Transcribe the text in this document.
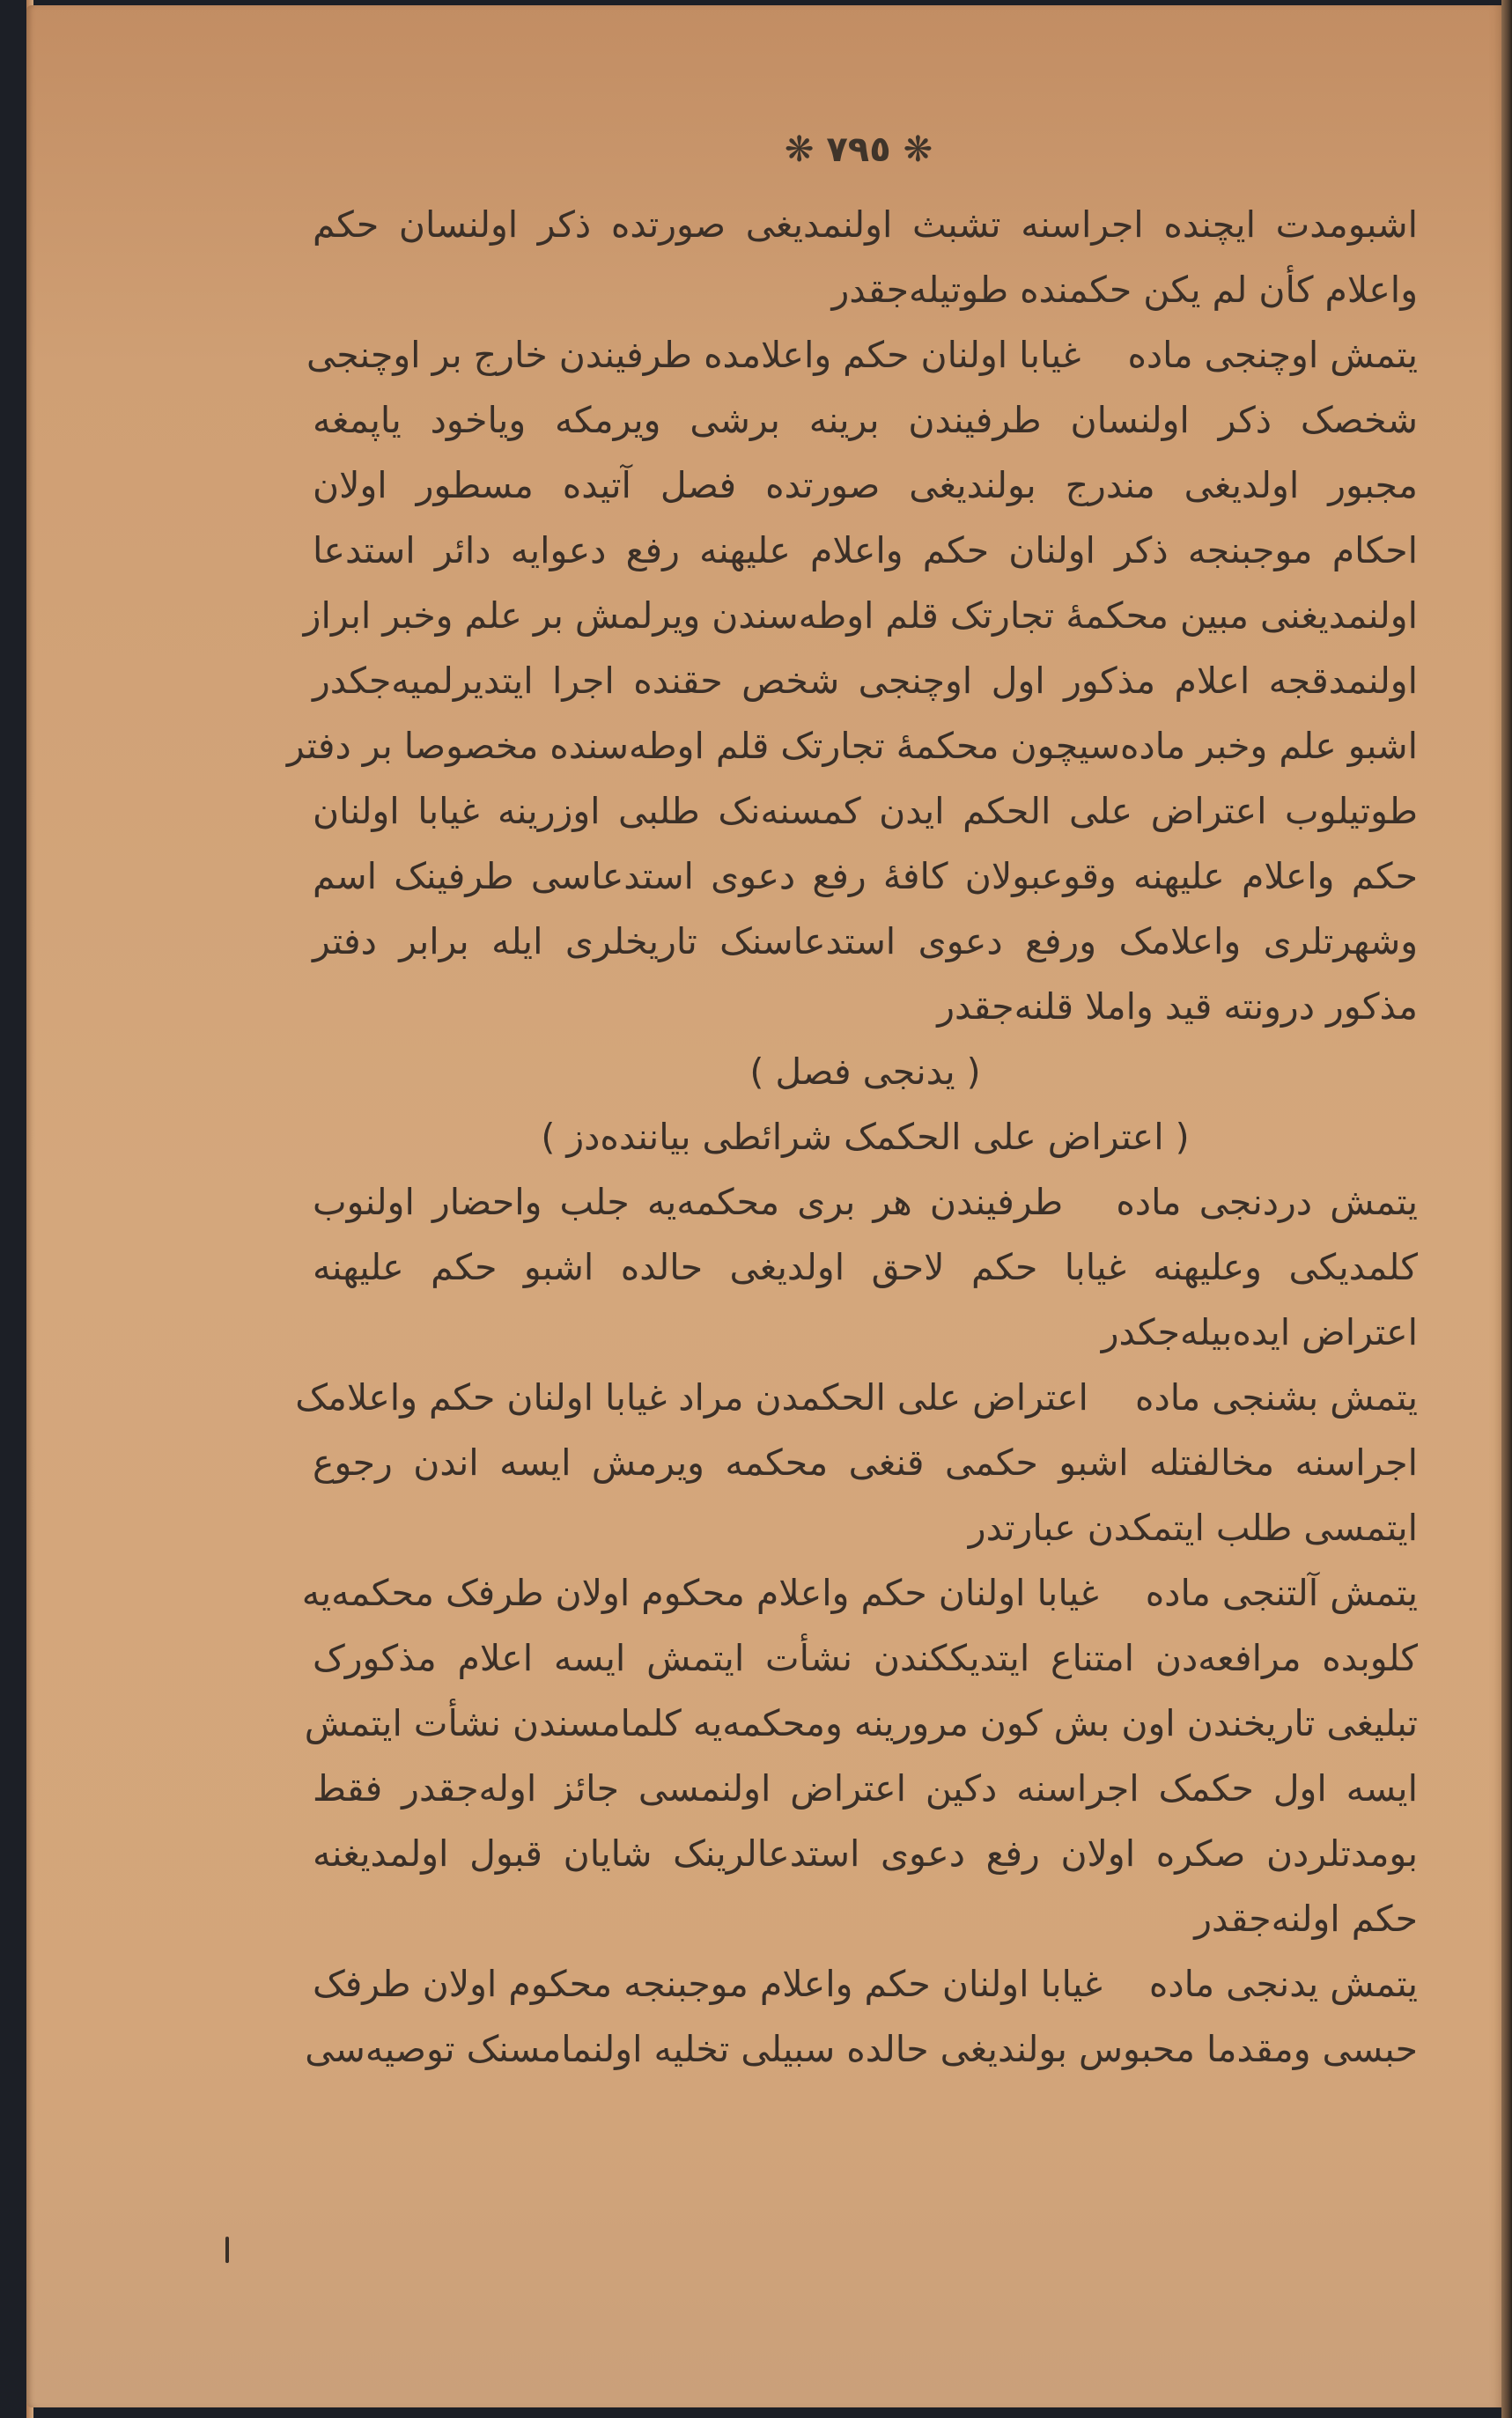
❋ ٧٩٥ ❋
اشبومدت ایچنده اجراسنه تشبث اولنمدیغی صورتده ذکر اولنسان حکم
واعلام کأن لم یکن حکمنده طوتیله‌جقدر
یتمش اوچنجی ماده غیابا اولنان حکم واعلامده طرفیندن خارج بر اوچنجی
شخصک ذکر اولنسان طرفیندن برینه برشی ویرمکه ویاخود یاپمغه
مجبور اولدیغی مندرج بولندیغی صورتده فصل آتیده مسطور اولان
احکام موجبنجه ذکر اولنان حکم واعلام علیهنه رفع دعوایه دائر استدعا
اولنمدیغنی مبین محکمهٔ تجارتک قلم اوطه‌سندن ویرلمش بر علم وخبر ابراز
اولنمدقجه اعلام مذکور اول اوچنجی شخص حقنده اجرا ایتدیرلمیه‌جکدر
اشبو علم وخبر ماده‌سیچون محکمهٔ تجارتک قلم اوطه‌سنده مخصوصا بر دفتر
طوتیلوب اعتراض علی الحکم ایدن کمسنه‌نک طلبی اوزرینه غیابا اولنان
حکم واعلام علیهنه وقوعبولان کافهٔ رفع دعوی استدعاسی طرفینک اسم
وشهرتلری واعلامک ورفع دعوی استدعاسنک تاریخلری ایله برابر دفتر
مذکور درونته قید واملا قلنه‌جقدر
( یدنجی فصل )
( اعتراض علی الحکمک شرائطی بیاننده‌دز )
یتمش دردنجی ماده طرفیندن هر بری محکمه‌یه جلب واحضار اولنوب
کلمدیکی وعلیهنه غیابا حکم لاحق اولدیغی حالده اشبو حکم علیهنه
اعتراض ایده‌بیله‌جکدر
یتمش بشنجی ماده اعتراض علی الحکمدن مراد غیابا اولنان حکم واعلامک
اجراسنه مخالفتله اشبو حکمی قنغی محکمه ویرمش ایسه اندن رجوع
ایتمسی طلب ایتمکدن عبارتدر
یتمش آلتنجی ماده غیابا اولنان حکم واعلام محکوم اولان طرفک محکمه‌یه
کلوبده مرافعه‌دن امتناع ایتدیککندن نشأت ایتمش ایسه اعلام مذکورک
تبلیغی تاریخندن اون بش کون مرورینه ومحکمه‌یه کلمامسندن نشأت ایتمش
ایسه اول حکمک اجراسنه دکین اعتراض اولنمسی جائز اوله‌جقدر فقط
بومدتلردن صکره اولان رفع دعوی استدعالرینک شایان قبول اولمدیغنه
حکم اولنه‌جقدر
یتمش یدنجی ماده غیابا اولنان حکم واعلام موجبنجه محکوم اولان طرفک
حبسی ومقدما محبوس بولندیغی حالده سبیلی تخلیه اولنمامسنک توصیه‌سی
